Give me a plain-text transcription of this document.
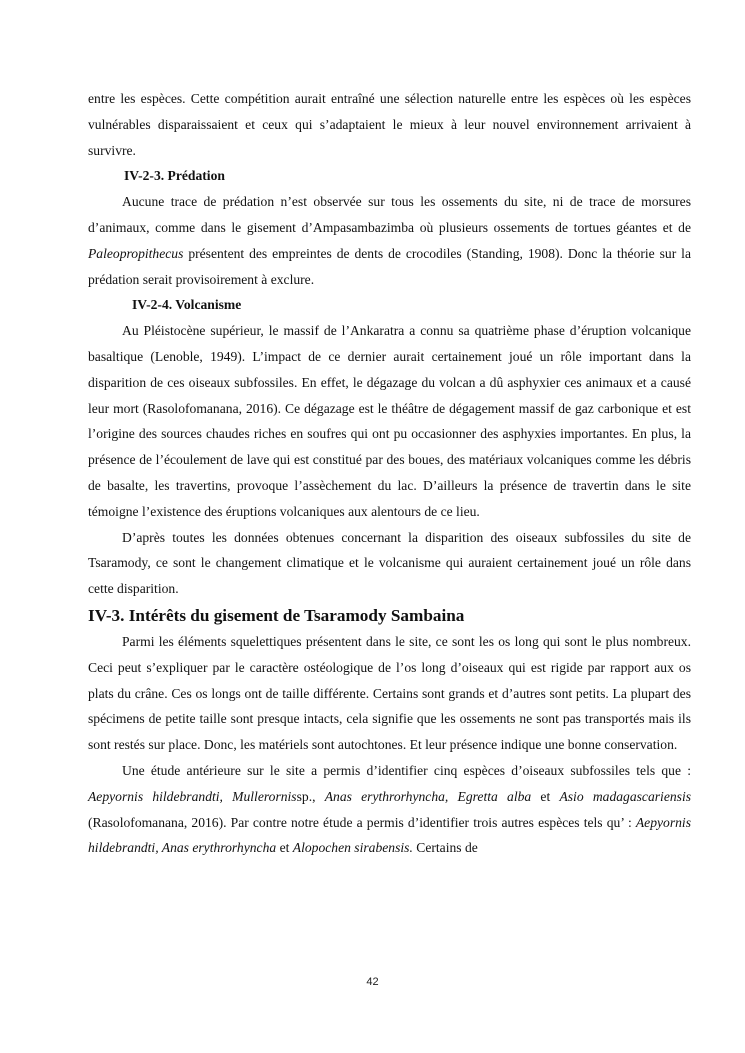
entre les espèces. Cette compétition aurait entraîné une sélection naturelle entre les espèces où les espèces vulnérables disparaissaient et ceux qui s’adaptaient le mieux à leur nouvel environnement arrivaient à survivre.

IV-2-3. Prédation

Aucune trace de prédation n’est observée sur tous les ossements du site, ni de trace de morsures d’animaux, comme dans le gisement d’Ampasambazimba où plusieurs ossements de tortues géantes et de Paleopropithecus présentent des empreintes de dents de crocodiles (Standing, 1908). Donc la théorie sur la prédation serait provisoirement à exclure.

IV-2-4. Volcanisme

Au Pléistocène supérieur, le massif de l’Ankaratra a connu sa quatrième phase d’éruption volcanique basaltique (Lenoble, 1949). L’impact de ce dernier aurait certainement joué un rôle important dans la disparition de ces oiseaux subfossiles. En effet, le dégazage du volcan a dû asphyxier ces animaux et a causé leur mort (Rasolofomanana, 2016). Ce dégazage est le théâtre de dégagement massif de gaz carbonique et est l’origine des sources chaudes riches en soufres qui ont pu occasionner des asphyxies importantes. En plus, la présence de l’écoulement de lave qui est constitué par des boues, des matériaux volcaniques comme les débris de basalte, les travertins, provoque l’assèchement du lac. D’ailleurs la présence de travertin dans le site témoigne l’existence des éruptions volcaniques aux alentours de ce lieu.

D’après toutes les données obtenues concernant la disparition des oiseaux subfossiles du site de Tsaramody, ce sont le changement climatique et le volcanisme qui auraient certainement joué un rôle dans cette disparition.

IV-3. Intérêts du gisement de Tsaramody Sambaina

Parmi les éléments squelettiques présentent dans le site, ce sont les os long qui sont le plus nombreux. Ceci peut s’expliquer par le caractère ostéologique de l’os long d’oiseaux qui est rigide par rapport aux os plats du crâne. Ces os longs ont de taille différente. Certains sont grands et d’autres sont petits. La plupart des spécimens de petite taille sont presque intacts, cela signifie que les ossements ne sont pas transportés mais ils sont restés sur place. Donc, les matériels sont autochtones. Et leur présence indique une bonne conservation.

Une étude antérieure sur le site a permis d’identifier cinq espèces d’oiseaux subfossiles tels que : Aepyornis hildebrandti, Mullerornissp., Anas erythrorhyncha, Egretta alba et Asio madagascariensis (Rasolofomanana, 2016). Par contre notre étude a permis d’identifier trois autres espèces tels qu’ : Aepyornis hildebrandti, Anas erythrorhyncha et Alopochen sirabensis. Certains de

42
